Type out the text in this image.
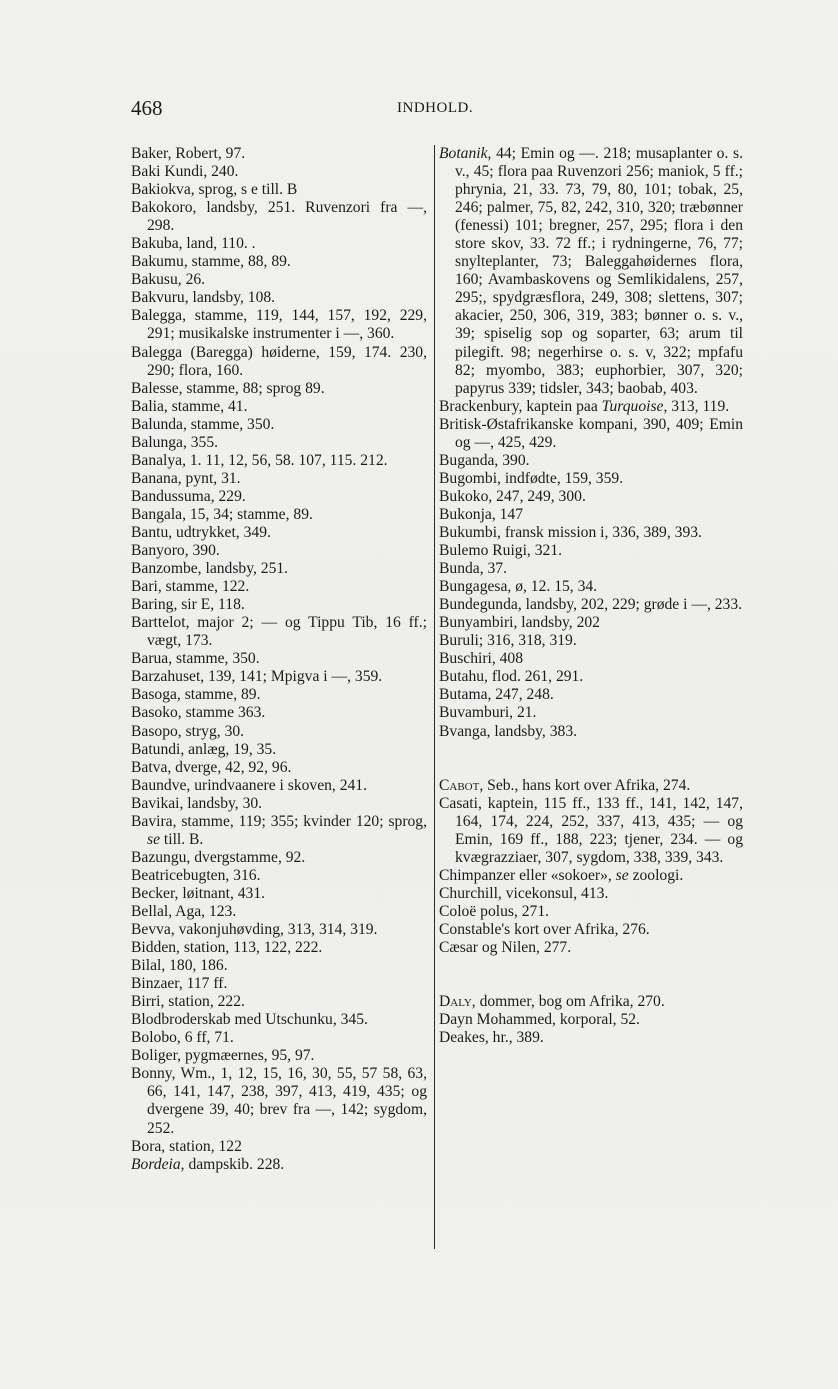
468	INDHOLD.
Baker, Robert, 97.
Baki Kundi, 240.
Bakiokva, sprog, s e till. B
Bakokoro, landsby, 251. Ruvenzori fra —, 298.
Bakuba, land, 110. .
Bakumu, stamme, 88, 89.
Bakusu, 26.
Bakvuru, landsby, 108.
Balegga, stamme, 119, 144, 157, 192, 229, 291; musikalske instrumenter i —, 360.
Balegga (Baregga) høiderne, 159, 174. 230, 290; flora, 160.
Balesse, stamme, 88; sprog 89.
Balia, stamme, 41.
Balunda, stamme, 350.
Balunga, 355.
Banalya, 1. 11, 12, 56, 58. 107, 115. 212.
Banana, pynt, 31.
Bandussuma, 229.
Bangala, 15, 34; stamme, 89.
Bantu, udtrykket, 349.
Banyoro, 390.
Banzombe, landsby, 251.
Bari, stamme, 122.
Baring, sir E, 118.
Barttelot, major 2; — og Tippu Tib, 16 ff.; vægt, 173.
Barua, stamme, 350.
Barzahuset, 139, 141; Mpigva i —, 359.
Basoga, stamme, 89.
Basoko, stamme 363.
Basopo, stryg, 30.
Batundi, anlæg, 19, 35.
Batva, dverge, 42, 92, 96.
Baundve, urindvaanere i skoven, 241.
Bavikai, landsby, 30.
Bavira, stamme, 119; 355; kvinder 120; sprog, se till. B.
Bazungu, dvergstamme, 92.
Beatricebugten, 316.
Becker, løitnant, 431.
Bellal, Aga, 123.
Bevva, vakonjuhøvding, 313, 314, 319.
Bidden, station, 113, 122, 222.
Bilal, 180, 186.
Binzaer, 117 ff.
Birri, station, 222.
Blodbroderskab med Utschunku, 345.
Bolobo, 6 ff, 71.
Boliger, pygmæernes, 95, 97.
Bonny, Wm., 1, 12, 15, 16, 30, 55, 57 58, 63, 66, 141, 147, 238, 397, 413, 419, 435; og dvergene 39, 40; brev fra —, 142; sygdom, 252.
Bora, station, 122
Bordeia, dampskib. 228.
Botanik, 44; Emin og —. 218; musaplanter o. s. v., 45; flora paa Ruvenzori 256; maniok, 5 ff.; phrynia, 21, 33. 73, 79, 80, 101; tobak, 25, 246; palmer, 75, 82, 242, 310, 320; træbønner (fenessi) 101; bregner, 257, 295; flora i den store skov, 33. 72 ff.; i rydningerne, 76, 77; snylteplanter, 73; Baleggahøidernes flora, 160; Avambaskovens og Semlikidalens, 257, 295;, spydgræsflora, 249, 308; slettens, 307; akacier, 250, 306, 319, 383; bønner o. s. v., 39; spiselig sop og soparter, 63; arum til pilegift. 98; negerhirse o. s. v, 322; mpfafu 82; myombo, 383; euphorbier, 307, 320; papyrus 339; tidsler, 343; baobab, 403.
Brackenbury, kaptein paa Turquoise, 313, 119.
Britisk-Østafrikanske kompani, 390, 409; Emin og —, 425, 429.
Buganda, 390.
Bugombi, indfødte, 159, 359.
Bukoko, 247, 249, 300.
Bukonja, 147
Bukumbi, fransk mission i, 336, 389, 393.
Bulemo Ruigi, 321.
Bunda, 37.
Bungagesa, ø, 12. 15, 34.
Bundegunda, landsby, 202, 229; grøde i —, 233.
Bunyambiri, landsby, 202
Buruli; 316, 318, 319.
Buschiri, 408
Butahu, flod. 261, 291.
Butama, 247, 248.
Buvamburi, 21.
Bvanga, landsby, 383.
Cabot, Seb., hans kort over Afrika, 274.
Casati, kaptein, 115 ff., 133 ff., 141, 142, 147, 164, 174, 224, 252, 337, 413, 435; — og Emin, 169 ff., 188, 223; tjener, 234. — og kvægrazziaer, 307, sygdom, 338, 339, 343.
Chimpanzer eller «sokoer», se zoologi.
Churchill, vicekonsul, 413.
Coloë polus, 271.
Constable's kort over Afrika, 276.
Cæsar og Nilen, 277.
Daly, dommer, bog om Afrika, 270.
Dayn Mohammed, korporal, 52.
Deakes, hr., 389.
